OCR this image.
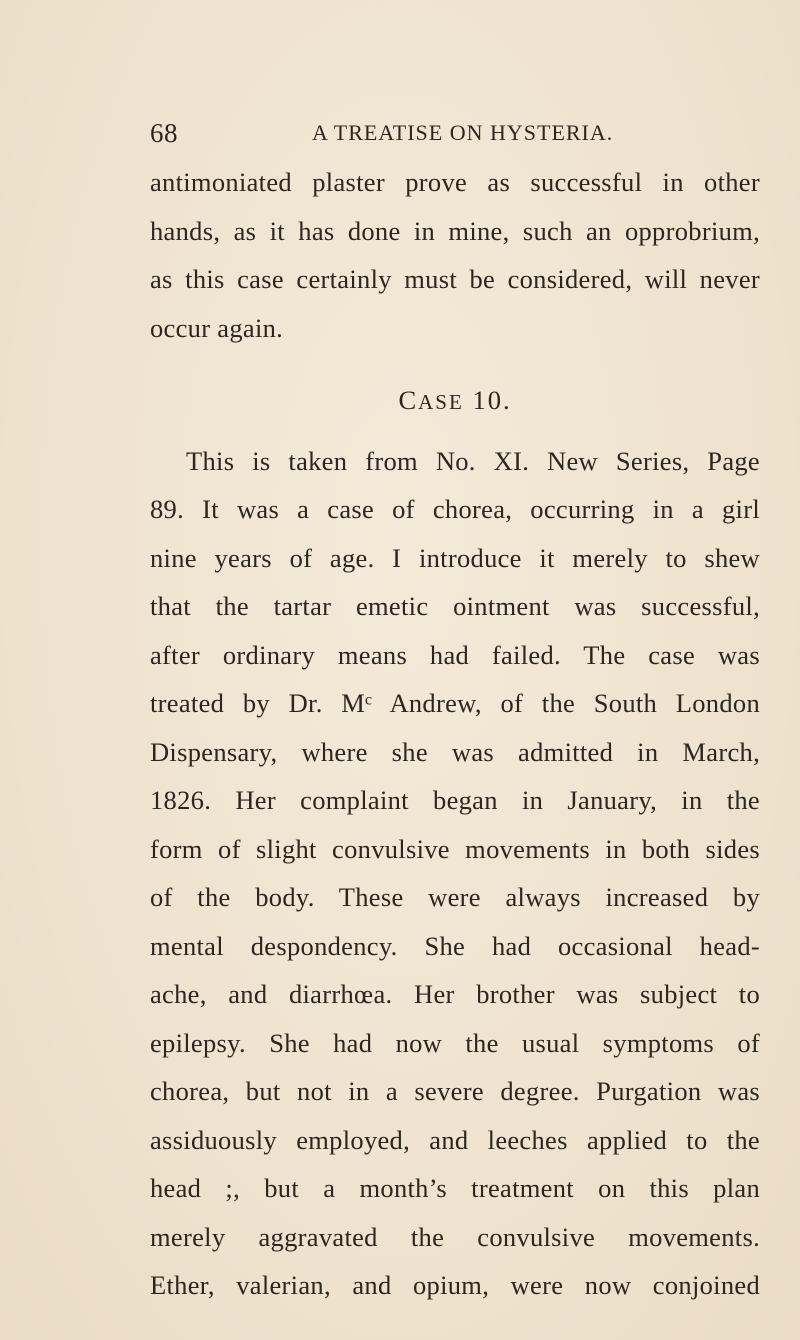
68	A TREATISE ON HYSTERIA.
antimoniated plaster prove as successful in other
hands, as it has done in mine, such an opprobrium,
as this case certainly must be considered, will never
occur again.
CASE 10.
This is taken from No. XI. New Series, Page
89. It was a case of chorea, occurring in a girl
nine years of age. I introduce it merely to shew
that the tartar emetic ointment was successful,
after ordinary means had failed. The case was
treated by Dr. Mᶜ Andrew, of the South London
Dispensary, where she was admitted in March,
1826. Her complaint began in January, in the
form of slight convulsive movements in both sides
of the body. These were always increased by
mental despondency. She had occasional head-
ache, and diarrhœa. Her brother was subject to
epilepsy. She had now the usual symptoms of
chorea, but not in a severe degree. Purgation was
assiduously employed, and leeches applied to the
head ;, but a month’s treatment on this plan
merely aggravated the convulsive movements.
Ether, valerian, and opium, were now conjoined
